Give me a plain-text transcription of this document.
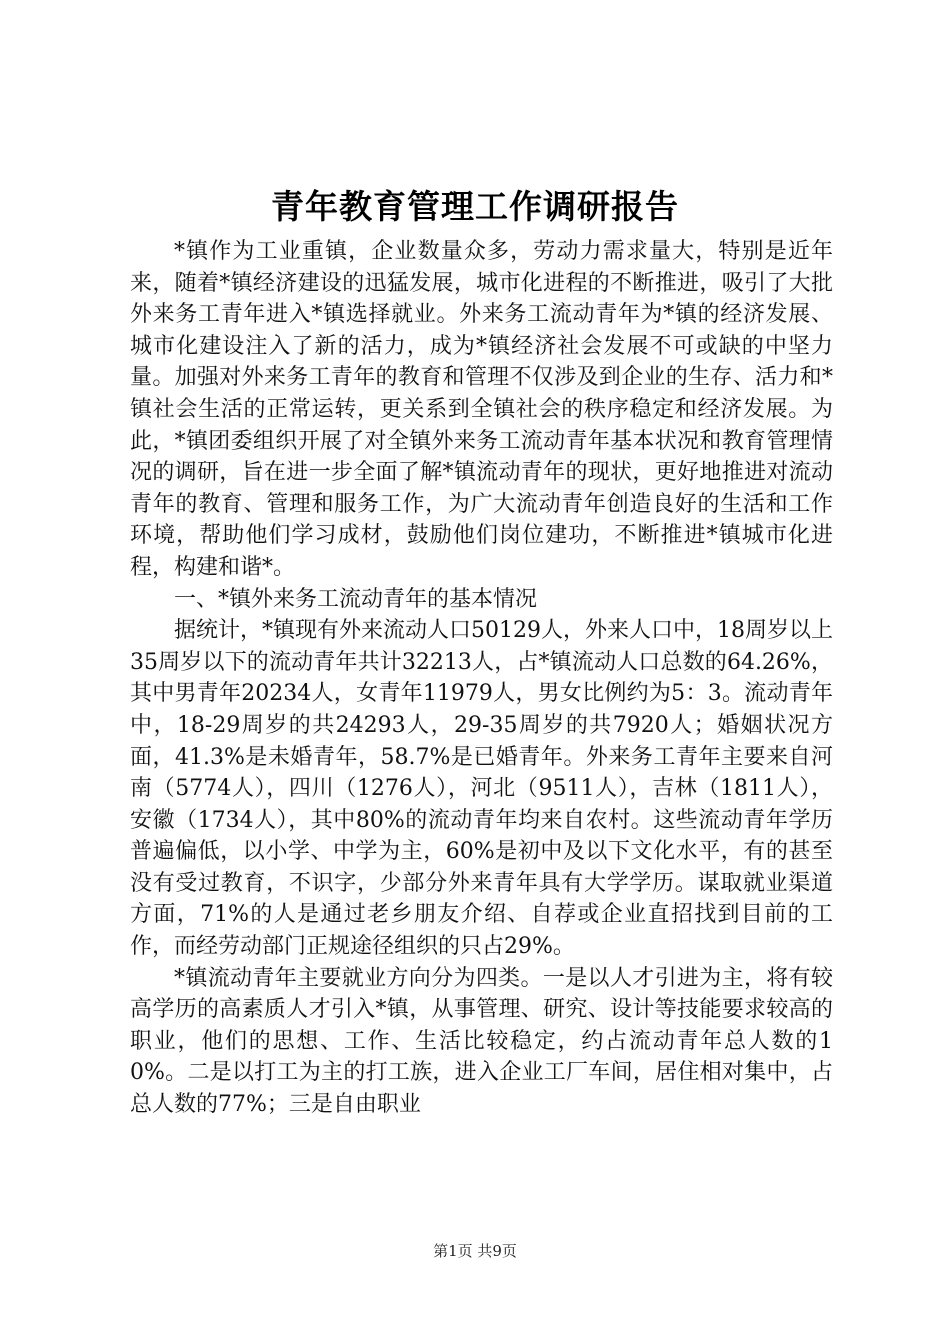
青年教育管理工作调研报告

*镇作为工业重镇，企业数量众多，劳动力需求量大，特别是近年来，随着*镇经济建设的迅猛发展，城市化进程的不断推进，吸引了大批外来务工青年进入*镇选择就业。外来务工流动青年为*镇的经济发展、城市化建设注入了新的活力，成为*镇经济社会发展不可或缺的中坚力量。加强对外来务工青年的教育和管理不仅涉及到企业的生存、活力和*镇社会生活的正常运转，更关系到全镇社会的秩序稳定和经济发展。为此，*镇团委组织开展了对全镇外来务工流动青年基本状况和教育管理情况的调研，旨在进一步全面了解*镇流动青年的现状，更好地推进对流动青年的教育、管理和服务工作，为广大流动青年创造良好的生活和工作环境，帮助他们学习成材，鼓励他们岗位建功，不断推进*镇城市化进程，构建和谐*。

一、*镇外来务工流动青年的基本情况

据统计，*镇现有外来流动人口50129人，外来人口中，18周岁以上35周岁以下的流动青年共计32213人，占*镇流动人口总数的64.26%，其中男青年20234人，女青年11979人，男女比例约为5：3。流动青年中，18-29周岁的共24293人，29-35周岁的共7920人；婚姻状况方面，41.3%是未婚青年，58.7%是已婚青年。外来务工青年主要来自河南（5774人），四川（1276人），河北（9511人），吉林（1811人），安徽（1734人），其中80%的流动青年均来自农村。这些流动青年学历普遍偏低，以小学、中学为主，60%是初中及以下文化水平，有的甚至没有受过教育，不识字，少部分外来青年具有大学学历。谋取就业渠道方面，71%的人是通过老乡朋友介绍、自荐或企业直招找到目前的工作，而经劳动部门正规途径组织的只占29%。

*镇流动青年主要就业方向分为四类。一是以人才引进为主，将有较高学历的高素质人才引入*镇，从事管理、研究、设计等技能要求较高的职业，他们的思想、工作、生活比较稳定，约占流动青年总人数的10%。二是以打工为主的打工族，进入企业工厂车间，居住相对集中，占总人数的77%；三是自由职业

第1页 共9页
